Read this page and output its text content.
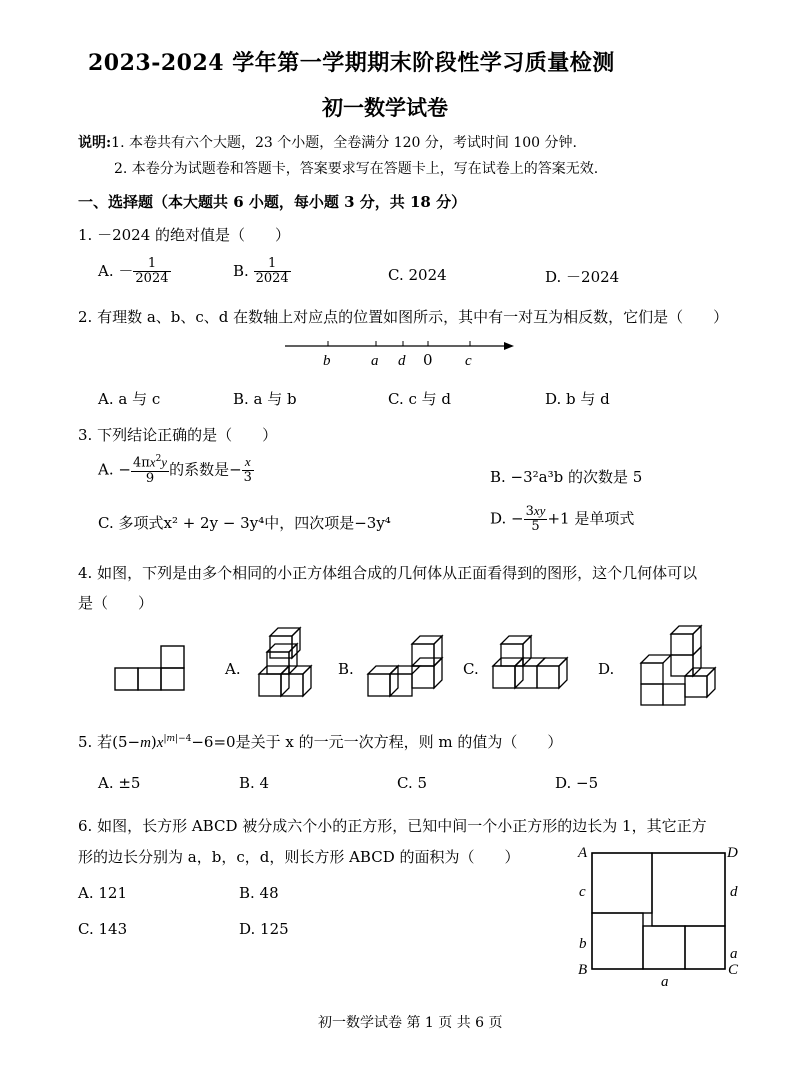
2023-2024 学年第一学期期末阶段性学习质量检测
初一数学试卷
说明:1. 本卷共有六个大题，23 个小题，全卷满分 120 分，考试时间 100 分钟.
2. 本卷分为试题卷和答题卡，答案要求写在答题卡上，写在试卷上的答案无效.
一、选择题（本大题共 6 小题，每小题 3 分，共 18 分）
1. －2024 的绝对值是（　　）
A. － $\frac{1}{2024}$	B. $\frac{1}{2024}$	C. 2024	D. －2024
2. 有理数 a、b、c、d 在数轴上对应点的位置如图所示，其中有一对互为相反数，它们是（　　）
b	a d 0 c
A. a 与 c	B. a 与 b	C. c 与 d	D. b 与 d
3. 下列结论正确的是（　　）
A. − $\frac{4\pi x^2y}{9}$ 的系数是− $\frac{x}{3}$	B. −3²a³b 的次数是 5
C. 多项式x² + 2y − 3y⁴中，四次项是−3y⁴	D. − $\frac{3xy}{5} +1$ 是单项式
4. 如图，下列是由多个相同的小正方体组合成的几何体从正面看得到的图形，这个几何体可以
是（　　）
A.	B.	C.	D.
5. 若$(5-m)x^{|m|-4}-6=0$是关于 x 的一元一次方程，则 m 的值为（　　）
A. ±5	B. 4	C. 5	D. −5
6. 如图，长方形 ABCD 被分成六个小的正方形，已知中间一个小正方形的边长为 1，其它正方
形的边长分别为 a，b，c，d，则长方形 ABCD 的面积为（　　）
A. 121	B. 48
C. 143	D. 125
A	D
c	d
b
a
B	C
a
初一数学试卷 第 1 页 共 6 页
